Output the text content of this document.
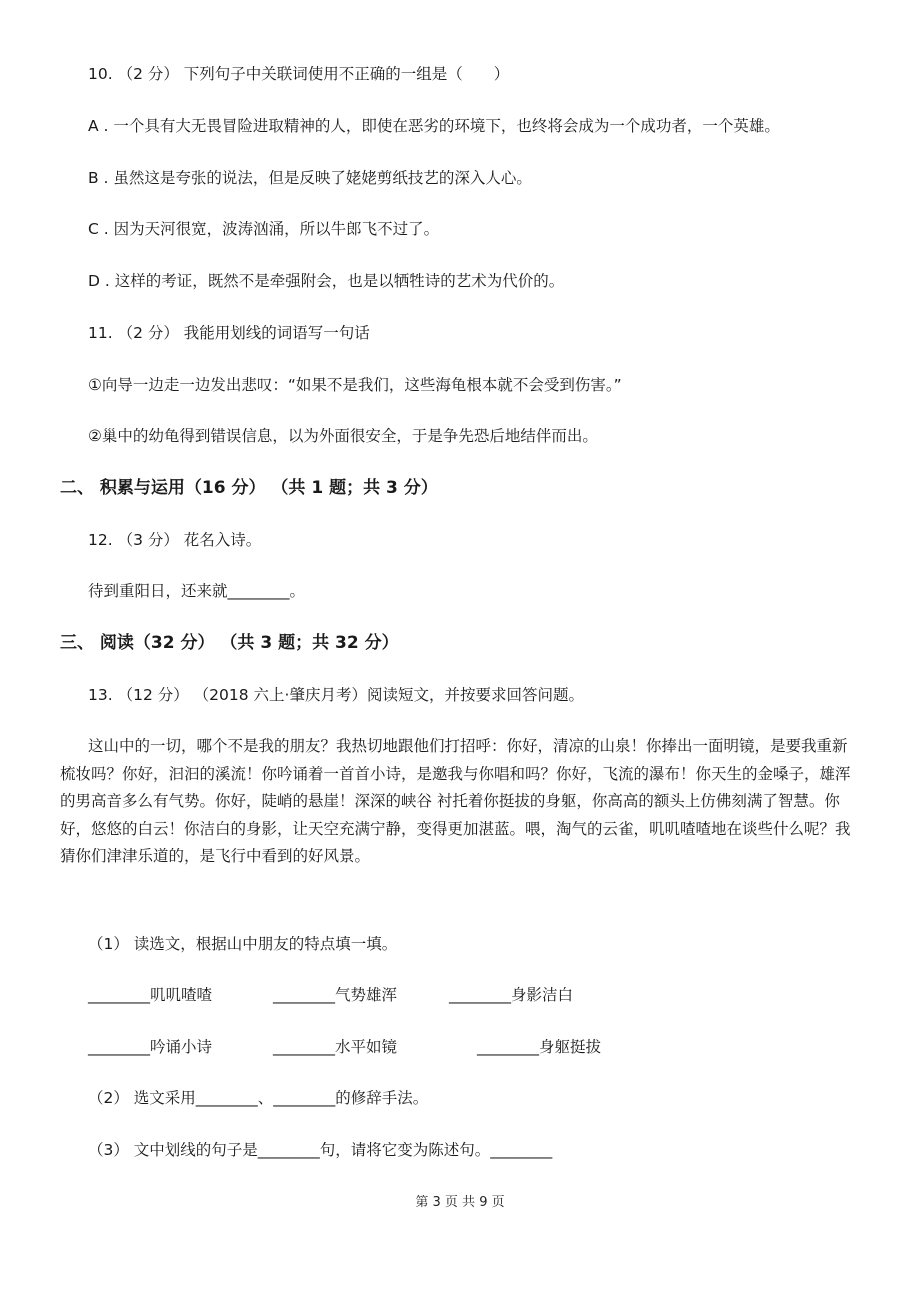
10. （2 分） 下列句子中关联词使用不正确的一组是（　　）
A . 一个具有大无畏冒险进取精神的人，即使在恶劣的环境下，也终将会成为一个成功者，一个英雄。
B . 虽然这是夸张的说法，但是反映了姥姥剪纸技艺的深入人心。
C . 因为天河很宽，波涛汹涌，所以牛郎飞不过了。
D . 这样的考证，既然不是牵强附会，也是以牺牲诗的艺术为代价的。
11. （2 分） 我能用划线的词语写一句话
①向导一边走一边发出悲叹：“如果不是我们，这些海龟根本就不会受到伤害。”
②巢中的幼龟得到错误信息，以为外面很安全，于是争先恐后地结伴而出。
二、 积累与运用（16 分） （共 1 题；共 3 分）
12. （3 分） 花名入诗。
待到重阳日，还来就________。
三、 阅读（32 分） （共 3 题；共 32 分）
13. （12 分） （2018 六上·肇庆月考）阅读短文，并按要求回答问题。
这山中的一切，哪个不是我的朋友？我热切地跟他们打招呼：你好，清凉的山泉！你捧出一面明镜，是要我重新梳妆吗？你好，汩汩的溪流！你吟诵着一首首小诗，是邀我与你唱和吗？你好，飞流的瀑布！你天生的金嗓子，雄浑的男高音多么有气势。你好，陡峭的悬崖！深深的峡谷 衬托着你挺拔的身躯，你高高的额头上仿佛刻满了智慧。你好，悠悠的白云！你洁白的身影，让天空充满宁静，变得更加湛蓝。喂，淘气的云雀，叽叽喳喳地在谈些什么呢？我猜你们津津乐道的，是飞行中看到的好风景。
（1） 读选文，根据山中朋友的特点填一填。
________叽叽喳喳	________气势雄浑	________身影洁白
________吟诵小诗	________水平如镜	________身躯挺拔
（2） 选文采用________、________的修辞手法。
（3） 文中划线的句子是________句，请将它变为陈述句。________
第 3 页 共 9 页
